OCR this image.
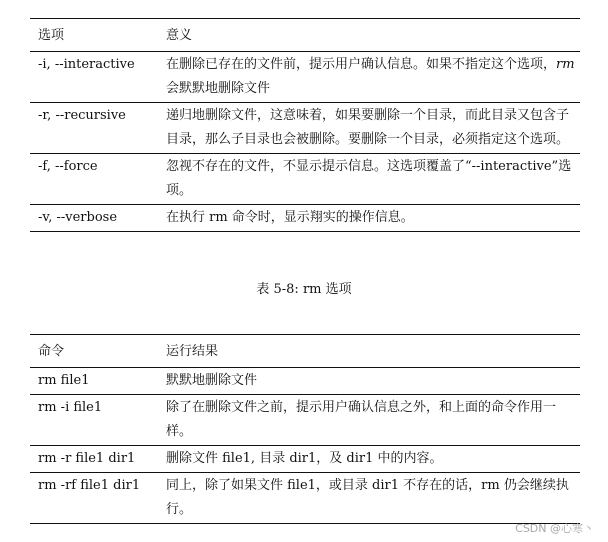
选项	意义
-i, --interactive	在删除已存在的文件前，提示用户确认信息。如果不指定这个选项，rm 会默默地删除文件
-r, --recursive	递归地删除文件，这意味着，如果要删除一个目录，而此目录又包含子目录，那么子目录也会被删除。要删除一个目录，必须指定这个选项。
-f, --force	忽视不存在的文件，不显示提示信息。这选项覆盖了“--interactive”选项。
-v, --verbose	在执行 rm 命令时，显示翔实的操作信息。
表 5-8: rm 选项
命令	运行结果
rm file1	默默地删除文件
rm -i file1	除了在删除文件之前，提示用户确认信息之外，和上面的命令作用一样。
rm -r file1 dir1	删除文件 file1, 目录 dir1，及 dir1 中的内容。
rm -rf file1 dir1	同上，除了如果文件 file1，或目录 dir1 不存在的话，rm 仍会继续执行。
CSDN @心寒丶
